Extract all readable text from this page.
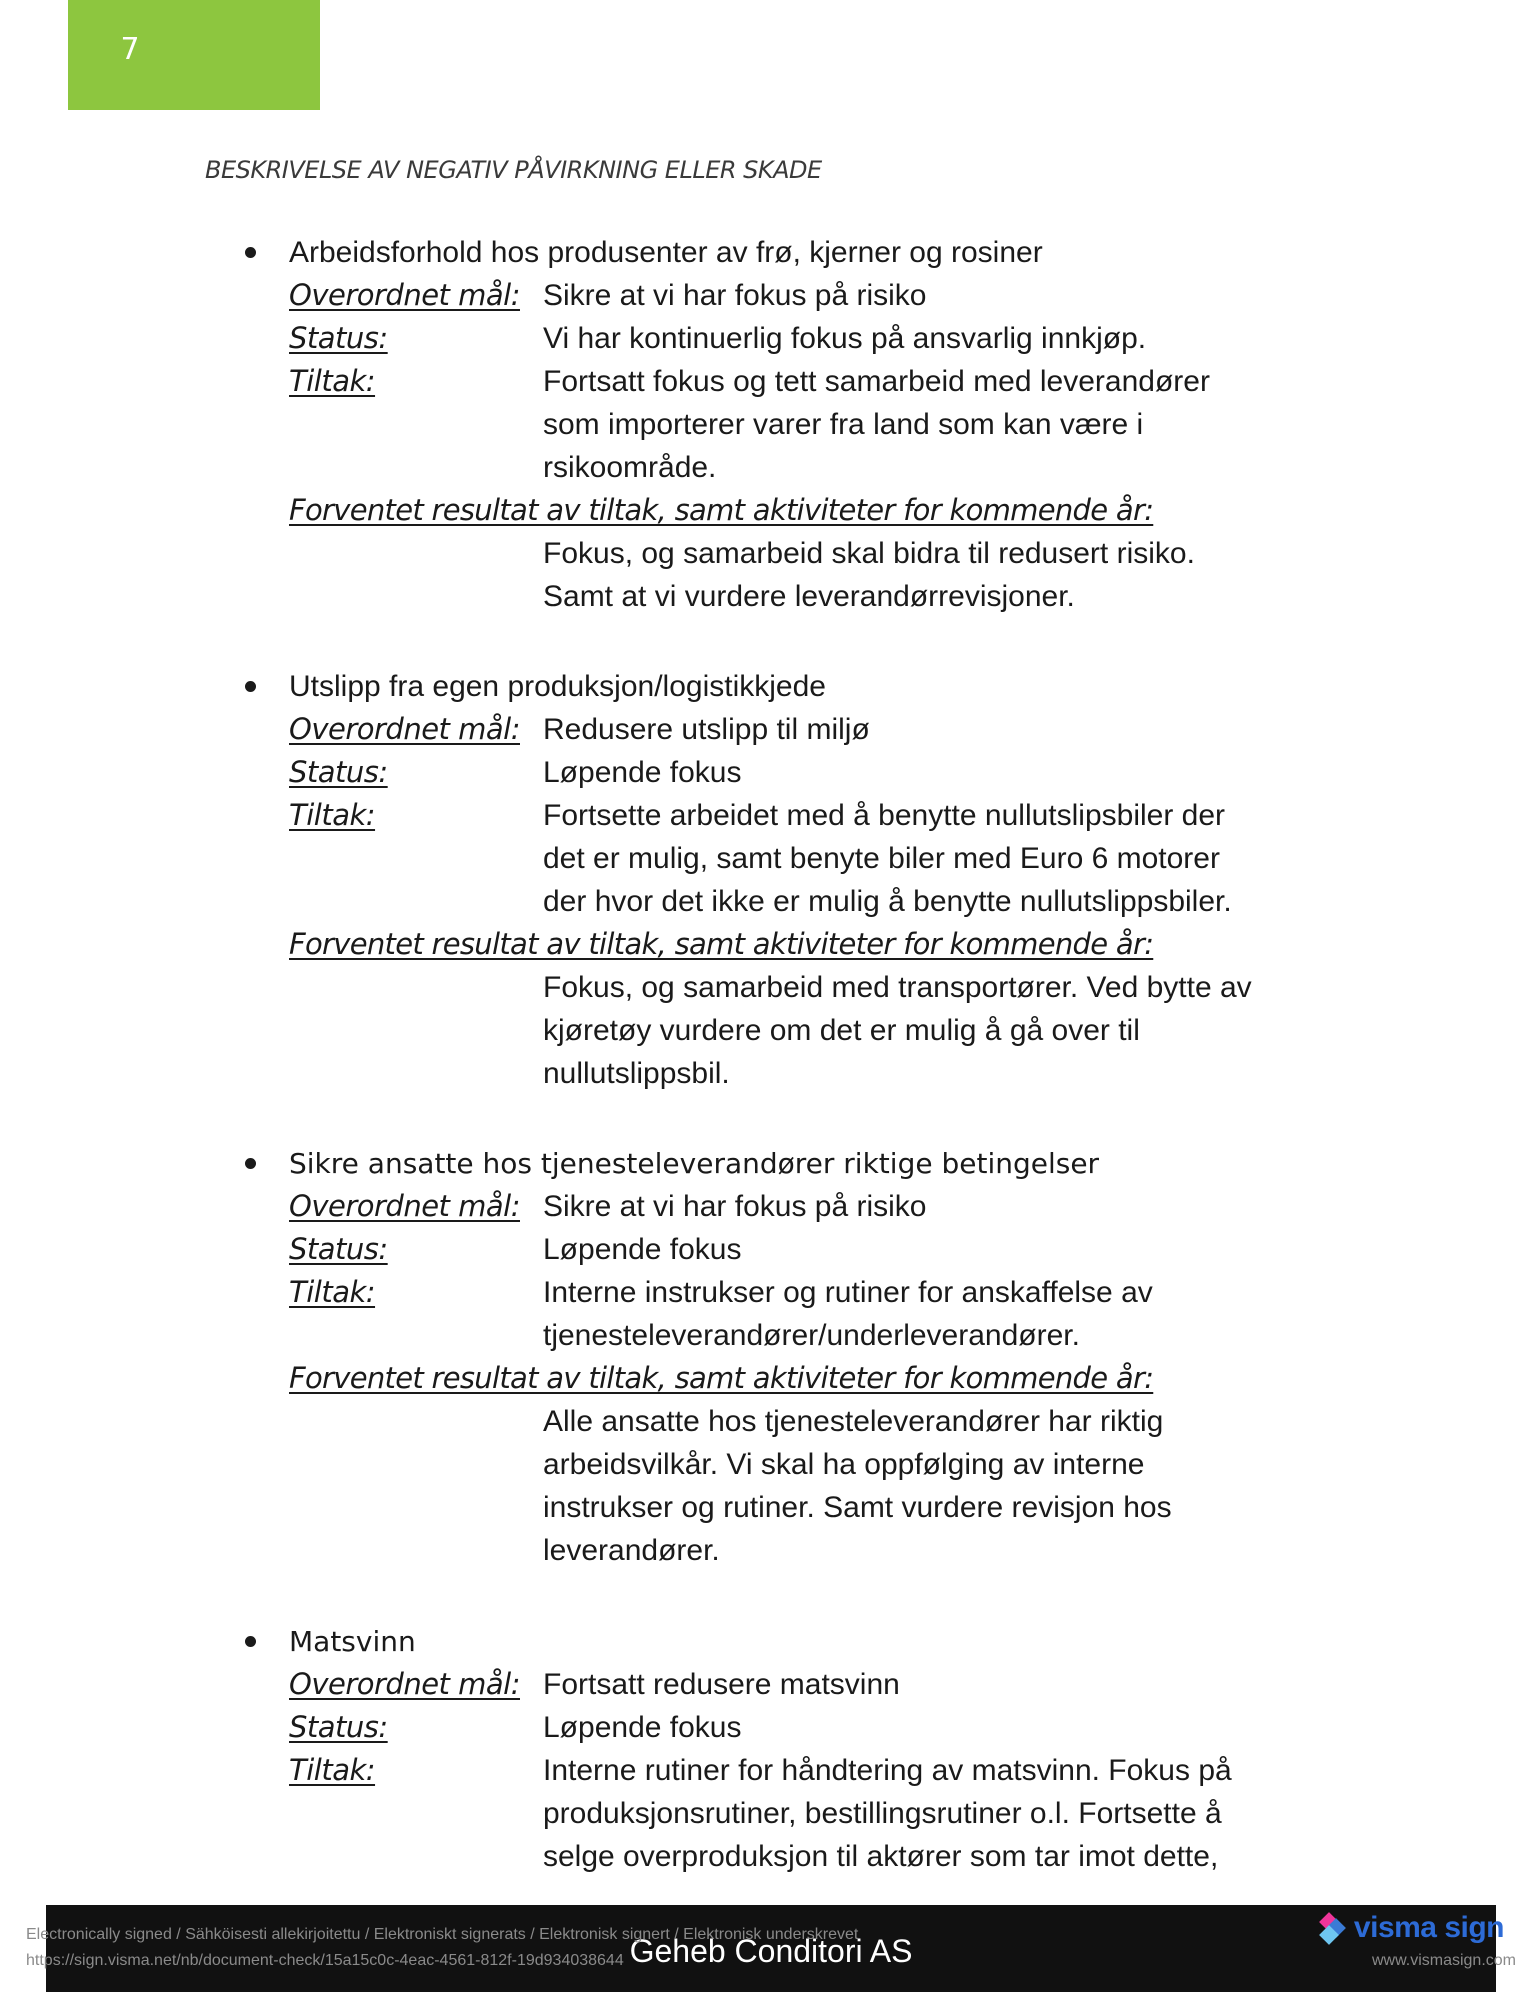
7
BESKRIVELSE AV NEGATIV PÅVIRKNING ELLER SKADE
Arbeidsforhold hos produsenter av frø, kjerner og rosiner
Overordnet mål: Sikre at vi har fokus på risiko
Status:	Vi har kontinuerlig fokus på ansvarlig innkjøp.
Tiltak:	Fortsatt fokus og tett samarbeid med leverandører
som importerer varer fra land som kan være i
rsikoområde.
Forventet resultat av tiltak, samt aktiviteter for kommende år:
Fokus, og samarbeid skal bidra til redusert risiko.
Samt at vi vurdere leverandørrevisjoner.
Utslipp fra egen produksjon/logistikkjede
Overordnet mål: Redusere utslipp til miljø
Status:	Løpende fokus
Tiltak:	Fortsette arbeidet med å benytte nullutslipsbiler der
det er mulig, samt benyte biler med Euro 6 motorer
der hvor det ikke er mulig å benytte nullutslippsbiler.
Forventet resultat av tiltak, samt aktiviteter for kommende år:
Fokus, og samarbeid med transportører. Ved bytte av
kjøretøy vurdere om det er mulig å gå over til
nullutslippsbil.
Sikre ansatte hos tjenesteleverandører riktige betingelser
Overordnet mål: Sikre at vi har fokus på risiko
Status:	Løpende fokus
Tiltak:	Interne instrukser og rutiner for anskaffelse av
tjenesteleverandører/underleverandører.
Forventet resultat av tiltak, samt aktiviteter for kommende år:
Alle ansatte hos tjenesteleverandører har riktig
arbeidsvilkår. Vi skal ha oppfølging av interne
instrukser og rutiner. Samt vurdere revisjon hos
leverandører.
Matsvinn
Overordnet mål: Fortsatt redusere matsvinn
Status:	Løpende fokus
Tiltak:	Interne rutiner for håndtering av matsvinn. Fokus på
produksjonsrutiner, bestillingsrutiner o.l. Fortsette å
selge overproduksjon til aktører som tar imot dette,
Geheb Conditori AS
Electronically signed / Sähköisesti allekirjoitettu / Elektroniskt signerats / Elektronisk signert / Elektronisk underskrevet
https://sign.visma.net/nb/document-check/15a15c0c-4eac-4561-812f-19d934038644	www.vismasign.com
visma sign
